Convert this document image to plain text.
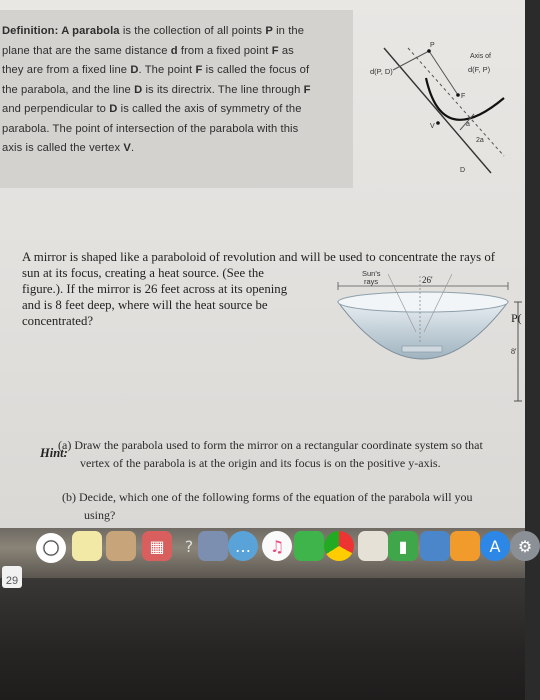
Definition: A parabola is the collection of all points P in the
plane that are the same distance d from a fixed point F as
they are from a fixed line D. The point F is called the focus of
the parabola, and the line D is its directrix. The line through F
and perpendicular to D is called the axis of symmetry of the
parabola. The point of intersection of the parabola with this
axis is called the vertex V.
d(P, D)
P
Axis of
d(F, P)
F
V	a
2a
D
A mirror is shaped like a paraboloid of revolution and will be used to concentrate the rays of
sun at its focus, creating a heat source. (See the
figure.). If the mirror is 26 feet across at its opening
and is 8 feet deep, where will the heat source be
concentrated?
Sun's
rays	26'
P(
8'
Hint:
(a) Draw the parabola used to form the mirror on a rectangular coordinate system so that
vertex of the parabola is at the origin and its focus is on the positive y-axis.
(b) Decide, which one of the following forms of the equation of the parabola will you
using?
▦	?	…	♫	▮	A	⚙
29
